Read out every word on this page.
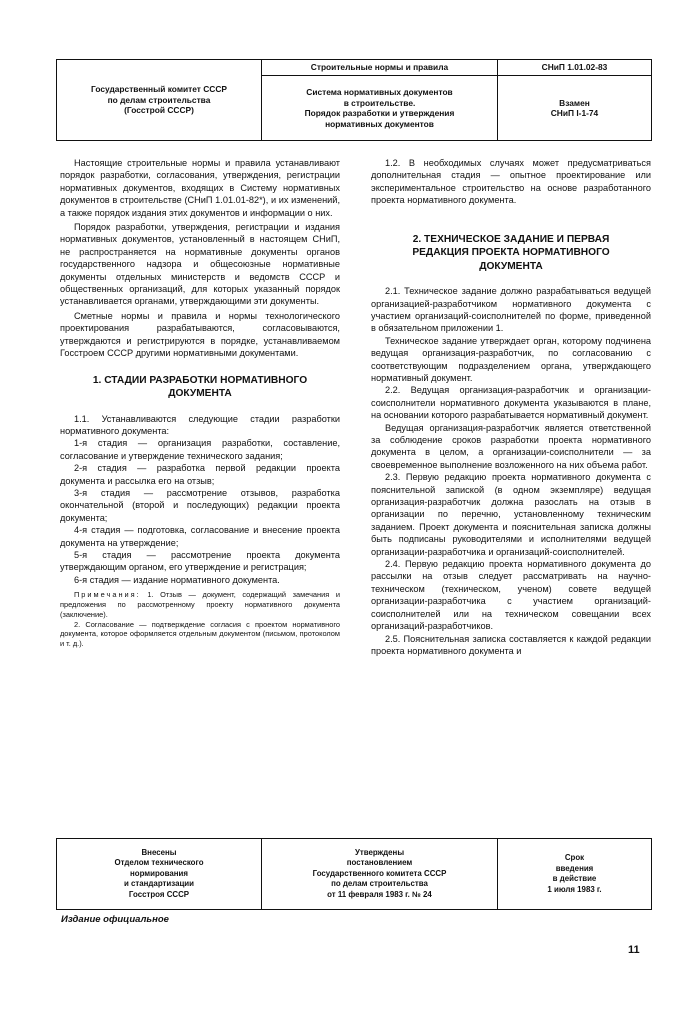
Государственный комитет СССР
по делам строительства
(Госстрой СССР)
Строительные нормы и правила	СНиП 1.01.02-83
Система нормативных документов
в строительстве.
Порядок разработки и утверждения
нормативных документов
Взамен
СНиП I-1-74

Настоящие строительные нормы и правила устанавливают порядок разработки, согласования, утверждения, регистрации нормативных документов, входящих в Систему нормативных документов в строительстве (СНиП 1.01.01-82*), и их изменений, а также порядок издания этих документов и информации о них.

Порядок разработки, утверждения, регистрации и издания нормативных документов, установленный в настоящем СНиП, не распространяется на нормативные документы органов государственного надзора и общесоюзные нормативные документы отдельных министерств и ведомств СССР и общественных организаций, для которых указанный порядок устанавливается органами, утверждающими эти документы.

Сметные нормы и правила и нормы технологического проектирования разрабатываются, согласовываются, утверждаются и регистрируются в порядке, устанавливаемом Госстроем СССР другими нормативными документами.

1. СТАДИИ РАЗРАБОТКИ НОРМАТИВНОГО ДОКУМЕНТА

1.1. Устанавливаются следующие стадии разработки нормативного документа:

1-я стадия — организация разработки, составление, согласование и утверждение технического задания;

2-я стадия — разработка первой редакции проекта документа и рассылка его на отзыв;

3-я стадия — рассмотрение отзывов, разработка окончательной (второй и последующих) редакции проекта документа;

4-я стадия — подготовка, согласование и внесение проекта документа на утверждение;

5-я стадия — рассмотрение проекта документа утверждающим органом, его утверждение и регистрация;

6-я стадия — издание нормативного документа.

Примечания: 1. Отзыв — документ, содержащий замечания и предложения по рассмотренному проекту нормативного документа (заключение).

2. Согласование — подтверждение согласия с проектом нормативного документа, которое оформляется отдельным документом (письмом, протоколом и т. д.).

1.2. В необходимых случаях может предусматриваться дополнительная стадия — опытное проектирование или экспериментальное строительство на основе разработанного проекта нормативного документа.

2. ТЕХНИЧЕСКОЕ ЗАДАНИЕ И ПЕРВАЯ РЕДАКЦИЯ ПРОЕКТА НОРМАТИВНОГО ДОКУМЕНТА

2.1. Техническое задание должно разрабатываться ведущей организацией-разработчиком нормативного документа с участием организаций-соисполнителей по форме, приведенной в обязательном приложении 1.

Техническое задание утверждает орган, которому подчинена ведущая организация-разработчик, по согласованию с соответствующим подразделением органа, утверждающего нормативный документ.

2.2. Ведущая организация-разработчик и организации-соисполнители нормативного документа указываются в плане, на основании которого разрабатывается нормативный документ.

Ведущая организация-разработчик является ответственной за соблюдение сроков разработки проекта нормативного документа в целом, а организации-соисполнители — за своевременное выполнение возложенного на них объема работ.

2.3. Первую редакцию проекта нормативного документа с пояснительной запиской (в одном экземпляре) ведущая организация-разработчик должна разослать на отзыв в организации по перечню, установленному техническим заданием. Проект документа и пояснительная записка должны быть подписаны руководителями и исполнителями ведущей организации-разработчика и организаций-соисполнителей.

2.4. Первую редакцию проекта нормативного документа до рассылки на отзыв следует рассматривать на научно-техническом (техническом, ученом) совете ведущей организации-разработчика с участием организаций-соисполнителей или на техническом совещании всех организаций-разработчиков.

2.5. Пояснительная записка составляется к каждой редакции проекта нормативного документа и

Внесены
Отделом технического
нормирования
и стандартизации
Госстроя СССР
Утверждены
постановлением
Государственного комитета СССР
по делам строительства
от 11 февраля 1983 г. № 24
Срок
введения
в действие
1 июля 1983 г.
Издание официальное
11
